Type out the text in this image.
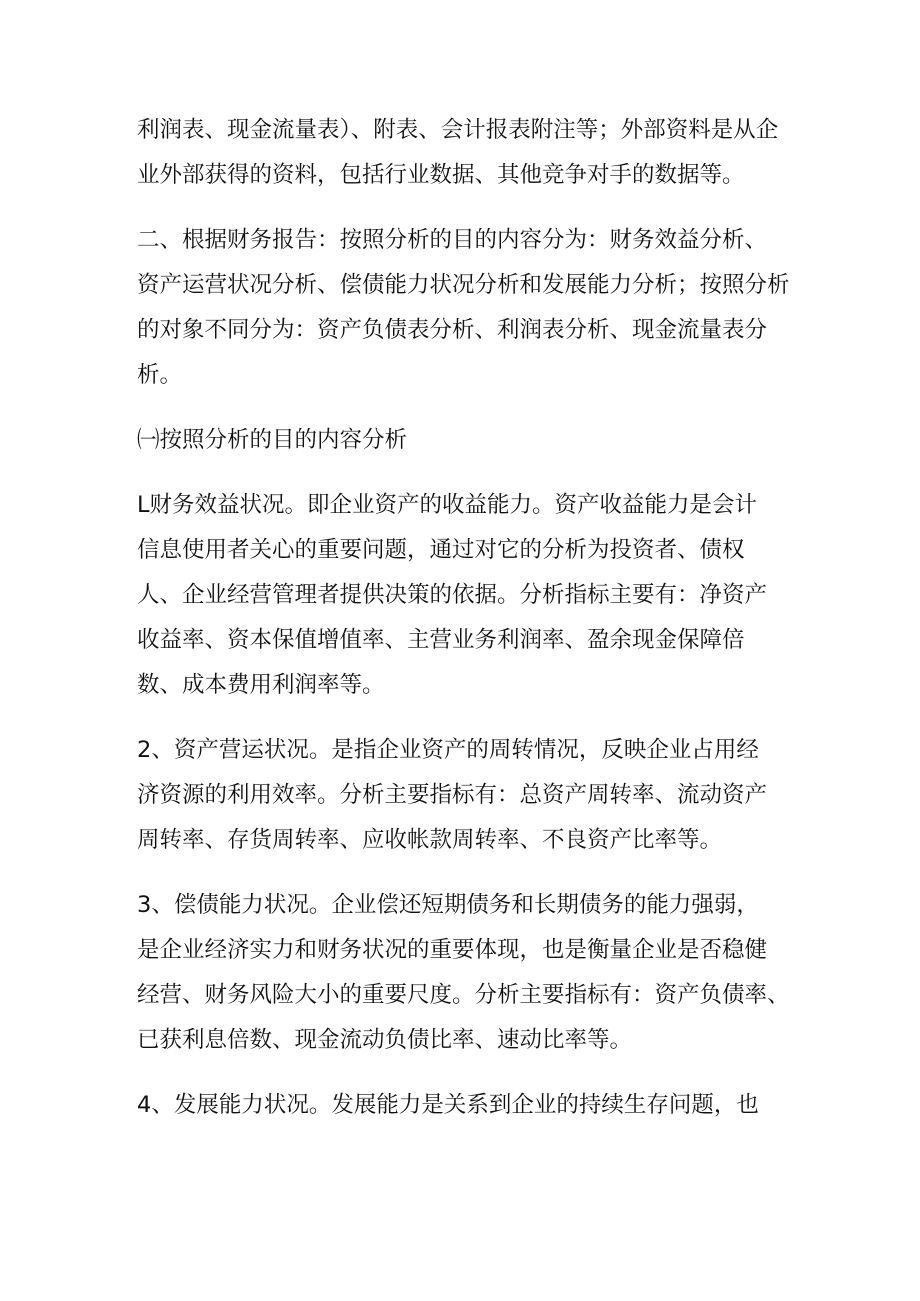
利润表、现金流量表）、附表、会计报表附注等；外部资料是从企
业外部获得的资料，包括行业数据、其他竞争对手的数据等。

二、根据财务报告：按照分析的目的内容分为：财务效益分析、
资产运营状况分析、偿债能力状况分析和发展能力分析；按照分析
的对象不同分为：资产负债表分析、利润表分析、现金流量表分
析。

㈠按照分析的目的内容分析

L财务效益状况。即企业资产的收益能力。资产收益能力是会计
信息使用者关心的重要问题，通过对它的分析为投资者、债权
人、企业经营管理者提供决策的依据。分析指标主要有：净资产
收益率、资本保值增值率、主营业务利润率、盈余现金保障倍
数、成本费用利润率等。

2、资产营运状况。是指企业资产的周转情况，反映企业占用经
济资源的利用效率。分析主要指标有：总资产周转率、流动资产
周转率、存货周转率、应收帐款周转率、不良资产比率等。

3、偿债能力状况。企业偿还短期债务和长期债务的能力强弱，
是企业经济实力和财务状况的重要体现，也是衡量企业是否稳健
经营、财务风险大小的重要尺度。分析主要指标有：资产负债率、
已获利息倍数、现金流动负债比率、速动比率等。

4、发展能力状况。发展能力是关系到企业的持续生存问题，也
